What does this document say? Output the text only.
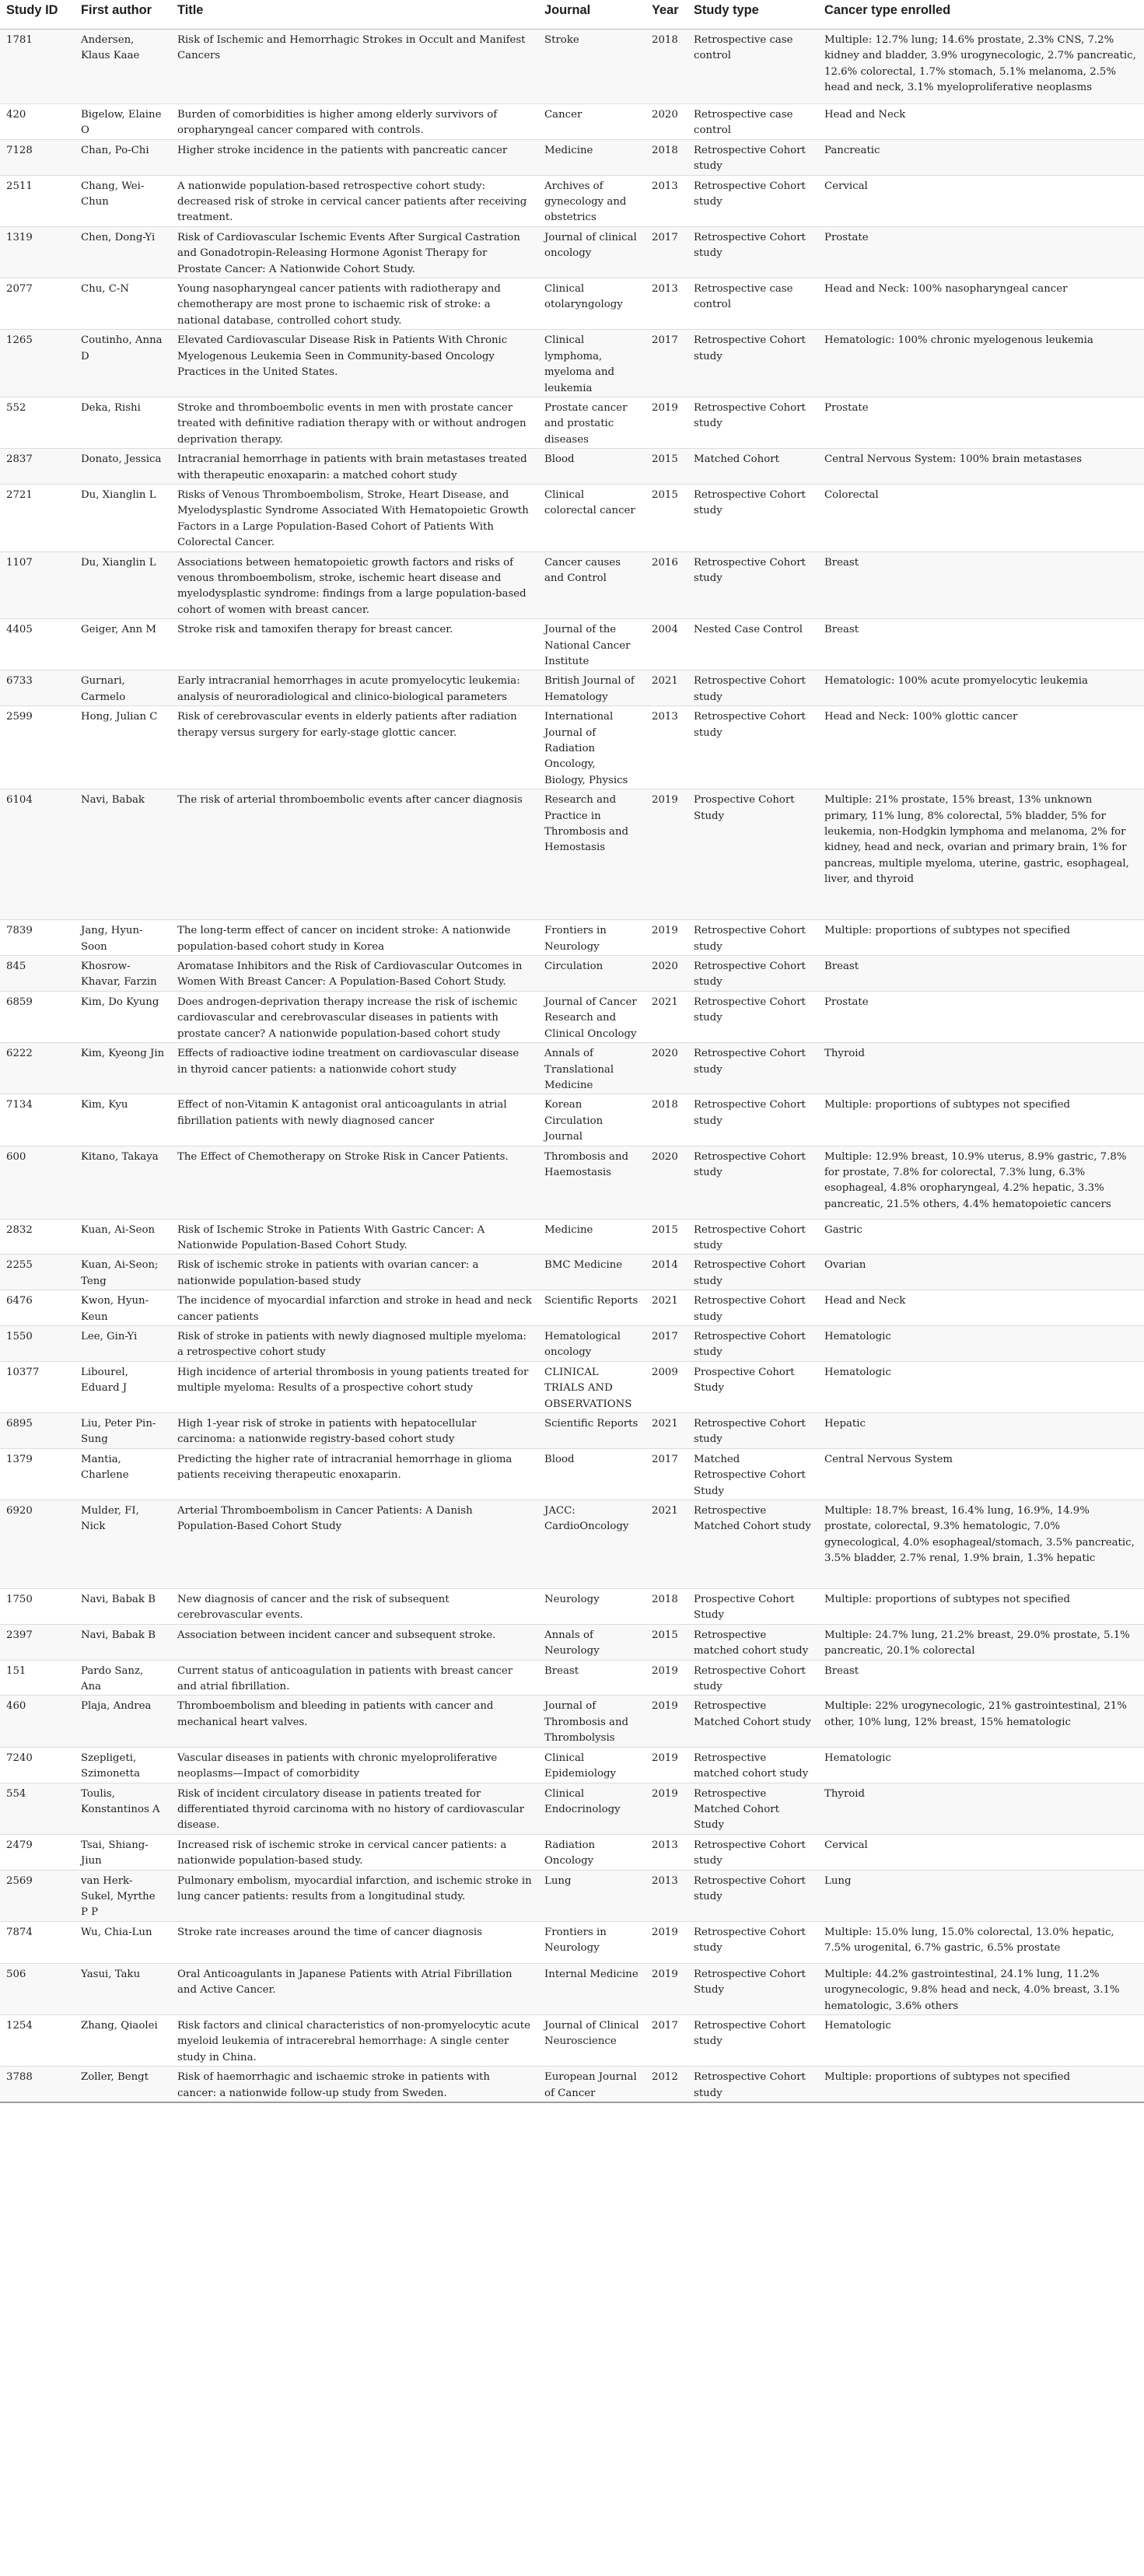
Study ID	First author	Title	Journal	Year	Study type	Cancer type enrolled
1781	Andersen, Klaus Kaae	Risk of Ischemic and Hemorrhagic Strokes in Occult and Manifest Cancers	Stroke	2018	Retrospective case control	Multiple: 12.7% lung; 14.6% prostate, 2.3% CNS, 7.2% kidney and bladder, 3.9% urogynecologic, 2.7% pancreatic, 12.6% colorectal, 1.7% stomach, 5.1% melanoma, 2.5% head and neck, 3.1% myeloproliferative neoplasms
420	Bigelow, Elaine O	Burden of comorbidities is higher among elderly survivors of oropharyngeal cancer compared with controls.	Cancer	2020	Retrospective case control	Head and Neck
7128	Chan, Po-Chi	Higher stroke incidence in the patients with pancreatic cancer	Medicine	2018	Retrospective Cohort study	Pancreatic
2511	Chang, Wei-Chun	A nationwide population-based retrospective cohort study: decreased risk of stroke in cervical cancer patients after receiving treatment.	Archives of gynecology and obstetrics	2013	Retrospective Cohort study	Cervical
1319	Chen, Dong-Yi	Risk of Cardiovascular Ischemic Events After Surgical Castration and Gonadotropin-Releasing Hormone Agonist Therapy for Prostate Cancer: A Nationwide Cohort Study.	Journal of clinical oncology	2017	Retrospective Cohort study	Prostate
2077	Chu, C-N	Young nasopharyngeal cancer patients with radiotherapy and chemotherapy are most prone to ischaemic risk of stroke: a national database, controlled cohort study.	Clinical otolaryngology	2013	Retrospective case control	Head and Neck: 100% nasopharyngeal cancer
1265	Coutinho, Anna D	Elevated Cardiovascular Disease Risk in Patients With Chronic Myelogenous Leukemia Seen in Community-based Oncology Practices in the United States.	Clinical lymphoma, myeloma and leukemia	2017	Retrospective Cohort study	Hematologic: 100% chronic myelogenous leukemia
552	Deka, Rishi	Stroke and thromboembolic events in men with prostate cancer treated with definitive radiation therapy with or without androgen deprivation therapy.	Prostate cancer and prostatic diseases	2019	Retrospective Cohort study	Prostate
2837	Donato, Jessica	Intracranial hemorrhage in patients with brain metastases treated with therapeutic enoxaparin: a matched cohort study	Blood	2015	Matched Cohort	Central Nervous System: 100% brain metastases
2721	Du, Xianglin L	Risks of Venous Thromboembolism, Stroke, Heart Disease, and Myelodysplastic Syndrome Associated With Hematopoietic Growth Factors in a Large Population-Based Cohort of Patients With Colorectal Cancer.	Clinical colorectal cancer	2015	Retrospective Cohort study	Colorectal
1107	Du, Xianglin L	Associations between hematopoietic growth factors and risks of venous thromboembolism, stroke, ischemic heart disease and myelodysplastic syndrome: findings from a large population-based cohort of women with breast cancer.	Cancer causes and Control	2016	Retrospective Cohort study	Breast
4405	Geiger, Ann M	Stroke risk and tamoxifen therapy for breast cancer.	Journal of the National Cancer Institute	2004	Nested Case Control	Breast
6733	Gurnari, Carmelo	Early intracranial hemorrhages in acute promyelocytic leukemia: analysis of neuroradiological and clinico-biological parameters	British Journal of Hematology	2021	Retrospective Cohort study	Hematologic: 100% acute promyelocytic leukemia
2599	Hong, Julian C	Risk of cerebrovascular events in elderly patients after radiation therapy versus surgery for early-stage glottic cancer.	International Journal of Radiation Oncology, Biology, Physics	2013	Retrospective Cohort study	Head and Neck: 100% glottic cancer
6104	Navi, Babak	The risk of arterial thromboembolic events after cancer diagnosis	Research and Practice in Thrombosis and Hemostasis	2019	Prospective Cohort Study	Multiple: 21% prostate, 15% breast, 13% unknown primary, 11% lung, 8% colorectal, 5% bladder, 5% for leukemia, non-Hodgkin lymphoma and melanoma, 2% for kidney, head and neck, ovarian and primary brain, 1% for pancreas, multiple myeloma, uterine, gastric, esophageal, liver, and thyroid
7839	Jang, Hyun-Soon	The long-term effect of cancer on incident stroke: A nationwide population-based cohort study in Korea	Frontiers in Neurology	2019	Retrospective Cohort study	Multiple: proportions of subtypes not specified
845	Khosrow-Khavar, Farzin	Aromatase Inhibitors and the Risk of Cardiovascular Outcomes in Women With Breast Cancer: A Population-Based Cohort Study.	Circulation	2020	Retrospective Cohort study	Breast
6859	Kim, Do Kyung	Does androgen-deprivation therapy increase the risk of ischemic cardiovascular and cerebrovascular diseases in patients with prostate cancer? A nationwide population-based cohort study	Journal of Cancer Research and Clinical Oncology	2021	Retrospective Cohort study	Prostate
6222	Kim, Kyeong Jin	Effects of radioactive iodine treatment on cardiovascular disease in thyroid cancer patients: a nationwide cohort study	Annals of Translational Medicine	2020	Retrospective Cohort study	Thyroid
7134	Kim, Kyu	Effect of non-Vitamin K antagonist oral anticoagulants in atrial fibrillation patients with newly diagnosed cancer	Korean Circulation Journal	2018	Retrospective Cohort study	Multiple: proportions of subtypes not specified
600	Kitano, Takaya	The Effect of Chemotherapy on Stroke Risk in Cancer Patients.	Thrombosis and Haemostasis	2020	Retrospective Cohort study	Multiple: 12.9% breast, 10.9% uterus, 8.9% gastric, 7.8% for prostate, 7.8% for colorectal, 7.3% lung, 6.3% esophageal, 4.8% oropharyngeal, 4.2% hepatic, 3.3% pancreatic, 21.5% others, 4.4% hematopoietic cancers
2832	Kuan, Ai-Seon	Risk of Ischemic Stroke in Patients With Gastric Cancer: A Nationwide Population-Based Cohort Study.	Medicine	2015	Retrospective Cohort study	Gastric
2255	Kuan, Ai-Seon; Teng	Risk of ischemic stroke in patients with ovarian cancer: a nationwide population-based study	BMC Medicine	2014	Retrospective Cohort study	Ovarian
6476	Kwon, Hyun-Keun	The incidence of myocardial infarction and stroke in head and neck cancer patients	Scientific Reports	2021	Retrospective Cohort study	Head and Neck
1550	Lee, Gin-Yi	Risk of stroke in patients with newly diagnosed multiple myeloma: a retrospective cohort study	Hematological oncology	2017	Retrospective Cohort study	Hematologic
10377	Libourel, Eduard J	High incidence of arterial thrombosis in young patients treated for multiple myeloma: Results of a prospective cohort study	CLINICAL TRIALS AND OBSERVATIONS	2009	Prospective Cohort Study	Hematologic
6895	Liu, Peter Pin-Sung	High 1-year risk of stroke in patients with hepatocellular carcinoma: a nationwide registry-based cohort study	Scientific Reports	2021	Retrospective Cohort study	Hepatic
1379	Mantia, Charlene	Predicting the higher rate of intracranial hemorrhage in glioma patients receiving therapeutic enoxaparin.	Blood	2017	Matched Retrospective Cohort Study	Central Nervous System
6920	Mulder, FI, Nick	Arterial Thromboembolism in Cancer Patients: A Danish Population-Based Cohort Study	JACC: CardioOncology	2021	Retrospective Matched Cohort study	Multiple: 18.7% breast, 16.4% lung, 16.9%, 14.9% prostate, colorectal, 9.3% hematologic, 7.0% gynecological, 4.0% esophageal/stomach, 3.5% pancreatic, 3.5% bladder, 2.7% renal, 1.9% brain, 1.3% hepatic
1750	Navi, Babak B	New diagnosis of cancer and the risk of subsequent cerebrovascular events.	Neurology	2018	Prospective Cohort Study	Multiple: proportions of subtypes not specified
2397	Navi, Babak B	Association between incident cancer and subsequent stroke.	Annals of Neurology	2015	Retrospective matched cohort study	Multiple: 24.7% lung, 21.2% breast, 29.0% prostate, 5.1% pancreatic, 20.1% colorectal
151	Pardo Sanz, Ana	Current status of anticoagulation in patients with breast cancer and atrial fibrillation.	Breast	2019	Retrospective Cohort study	Breast
460	Plaja, Andrea	Thromboembolism and bleeding in patients with cancer and mechanical heart valves.	Journal of Thrombosis and Thrombolysis	2019	Retrospective Matched Cohort study	Multiple: 22% urogynecologic, 21% gastrointestinal, 21% other, 10% lung, 12% breast, 15% hematologic
7240	Szepligeti, Szimonetta	Vascular diseases in patients with chronic myeloproliferative neoplasms—Impact of comorbidity	Clinical Epidemiology	2019	Retrospective matched cohort study	Hematologic
554	Toulis, Konstantinos A	Risk of incident circulatory disease in patients treated for differentiated thyroid carcinoma with no history of cardiovascular disease.	Clinical Endocrinology	2019	Retrospective Matched Cohort Study	Thyroid
2479	Tsai, Shiang-Jiun	Increased risk of ischemic stroke in cervical cancer patients: a nationwide population-based study.	Radiation Oncology	2013	Retrospective Cohort study	Cervical
2569	van Herk-Sukel, Myrthe P P	Pulmonary embolism, myocardial infarction, and ischemic stroke in lung cancer patients: results from a longitudinal study.	Lung	2013	Retrospective Cohort study	Lung
7874	Wu, Chia-Lun	Stroke rate increases around the time of cancer diagnosis	Frontiers in Neurology	2019	Retrospective Cohort study	Multiple: 15.0% lung, 15.0% colorectal, 13.0% hepatic, 7.5% urogenital, 6.7% gastric, 6.5% prostate
506	Yasui, Taku	Oral Anticoagulants in Japanese Patients with Atrial Fibrillation and Active Cancer.	Internal Medicine	2019	Retrospective Cohort Study	Multiple: 44.2% gastrointestinal, 24.1% lung, 11.2% urogynecologic, 9.8% head and neck, 4.0% breast, 3.1% hematologic, 3.6% others
1254	Zhang, Qiaolei	Risk factors and clinical characteristics of non-promyelocytic acute myeloid leukemia of intracerebral hemorrhage: A single center study in China.	Journal of Clinical Neuroscience	2017	Retrospective Cohort study	Hematologic
3788	Zoller, Bengt	Risk of haemorrhagic and ischaemic stroke in patients with cancer: a nationwide follow-up study from Sweden.	European Journal of Cancer	2012	Retrospective Cohort study	Multiple: proportions of subtypes not specified
